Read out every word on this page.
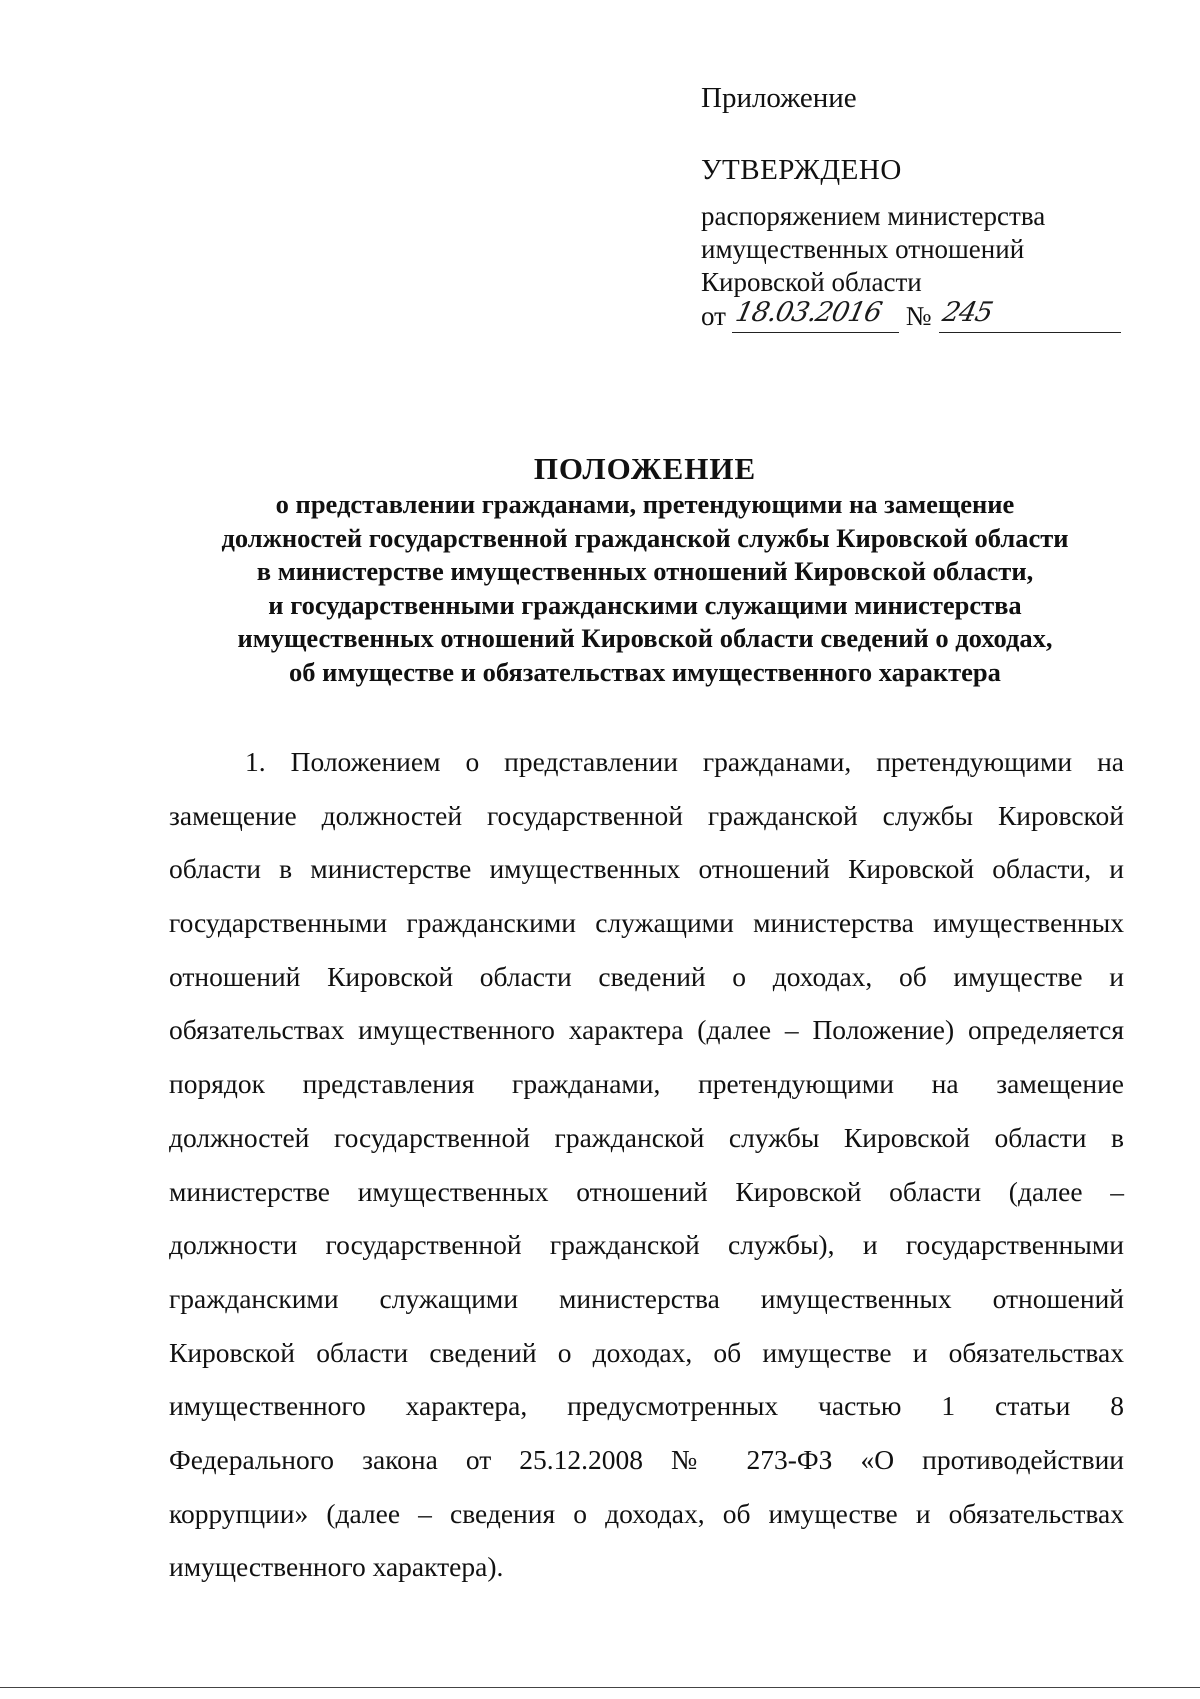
Приложение
УТВЕРЖДЕНО
распоряжением министерства
имущественных отношений
Кировской области
от 18.03.2016 № 245
ПОЛОЖЕНИЕ
о представлении гражданами, претендующими на замещение
должностей государственной гражданской службы Кировской области
в министерстве имущественных отношений Кировской области,
и государственными гражданскими служащими министерства
имущественных отношений Кировской области сведений о доходах,
об имуществе и обязательствах имущественного характера
1. Положением о представлении гражданами, претендующими на
замещение должностей государственной гражданской службы Кировской
области в министерстве имущественных отношений Кировской области, и
государственными гражданскими служащими министерства имущественных
отношений Кировской области сведений о доходах, об имуществе и
обязательствах имущественного характера (далее – Положение) определяется
порядок представления гражданами, претендующими на замещение
должностей государственной гражданской службы Кировской области в
министерстве имущественных отношений Кировской области (далее –
должности государственной гражданской службы), и государственными
гражданскими служащими министерства имущественных отношений
Кировской области сведений о доходах, об имуществе и обязательствах
имущественного характера, предусмотренных частью 1 статьи 8
Федерального закона от 25.12.2008 № 273-ФЗ «О противодействии
коррупции» (далее – сведения о доходах, об имуществе и обязательствах
имущественного характера).
